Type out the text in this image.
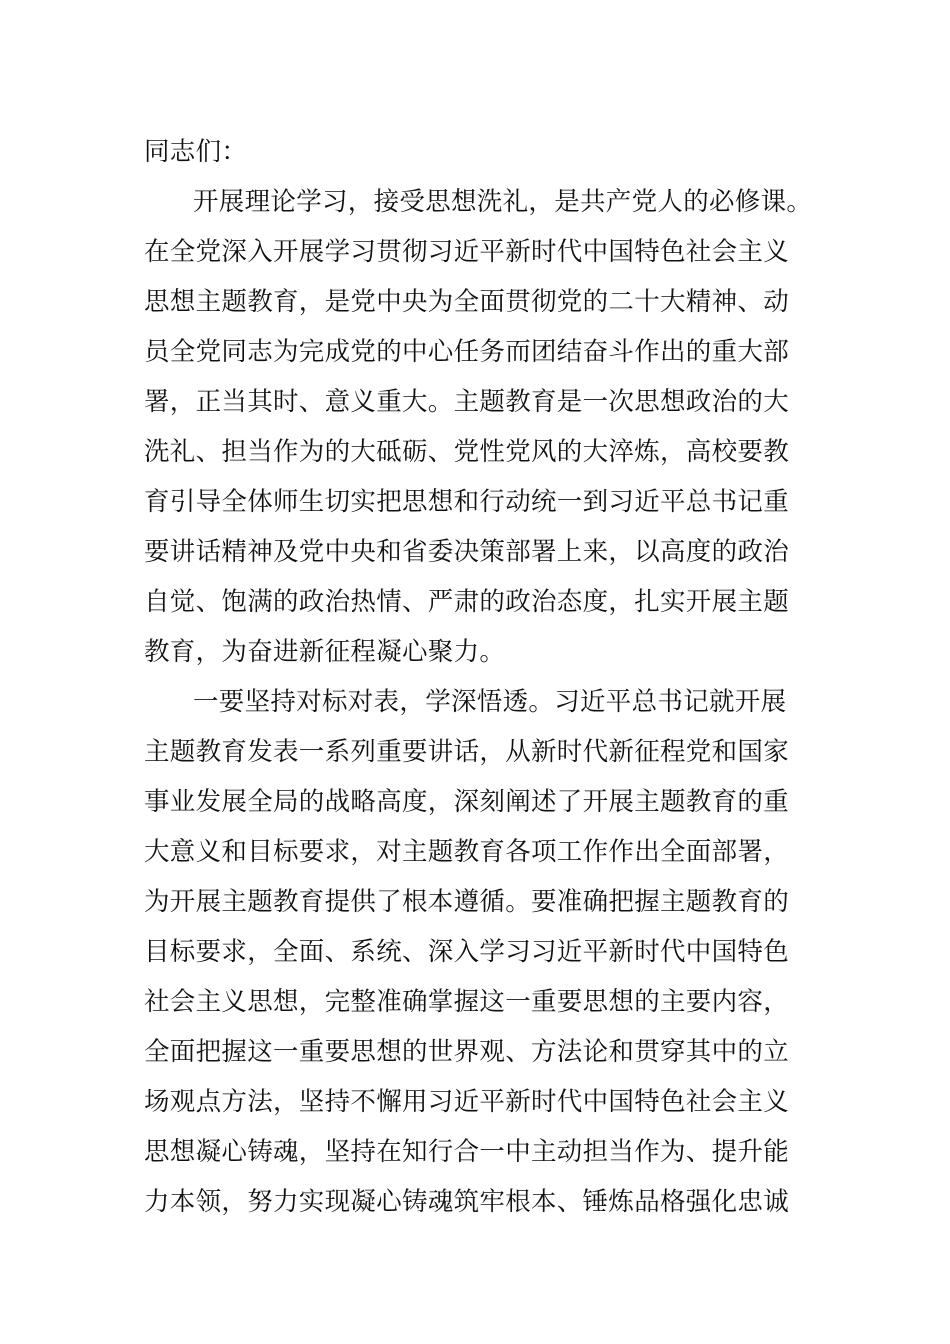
同志们：
开展理论学习，接受思想洗礼，是共产党人的必修课。
在全党深入开展学习贯彻习近平新时代中国特色社会主义
思想主题教育，是党中央为全面贯彻党的二十大精神、动
员全党同志为完成党的中心任务而团结奋斗作出的重大部
署，正当其时、意义重大。主题教育是一次思想政治的大
洗礼、担当作为的大砥砺、党性党风的大淬炼，高校要教
育引导全体师生切实把思想和行动统一到习近平总书记重
要讲话精神及党中央和省委决策部署上来，以高度的政治
自觉、饱满的政治热情、严肃的政治态度，扎实开展主题
教育，为奋进新征程凝心聚力。
一要坚持对标对表，学深悟透。习近平总书记就开展
主题教育发表一系列重要讲话，从新时代新征程党和国家
事业发展全局的战略高度，深刻阐述了开展主题教育的重
大意义和目标要求，对主题教育各项工作作出全面部署，
为开展主题教育提供了根本遵循。要准确把握主题教育的
目标要求，全面、系统、深入学习习近平新时代中国特色
社会主义思想，完整准确掌握这一重要思想的主要内容，
全面把握这一重要思想的世界观、方法论和贯穿其中的立
场观点方法，坚持不懈用习近平新时代中国特色社会主义
思想凝心铸魂，坚持在知行合一中主动担当作为、提升能
力本领，努力实现凝心铸魂筑牢根本、锤炼品格强化忠诚
